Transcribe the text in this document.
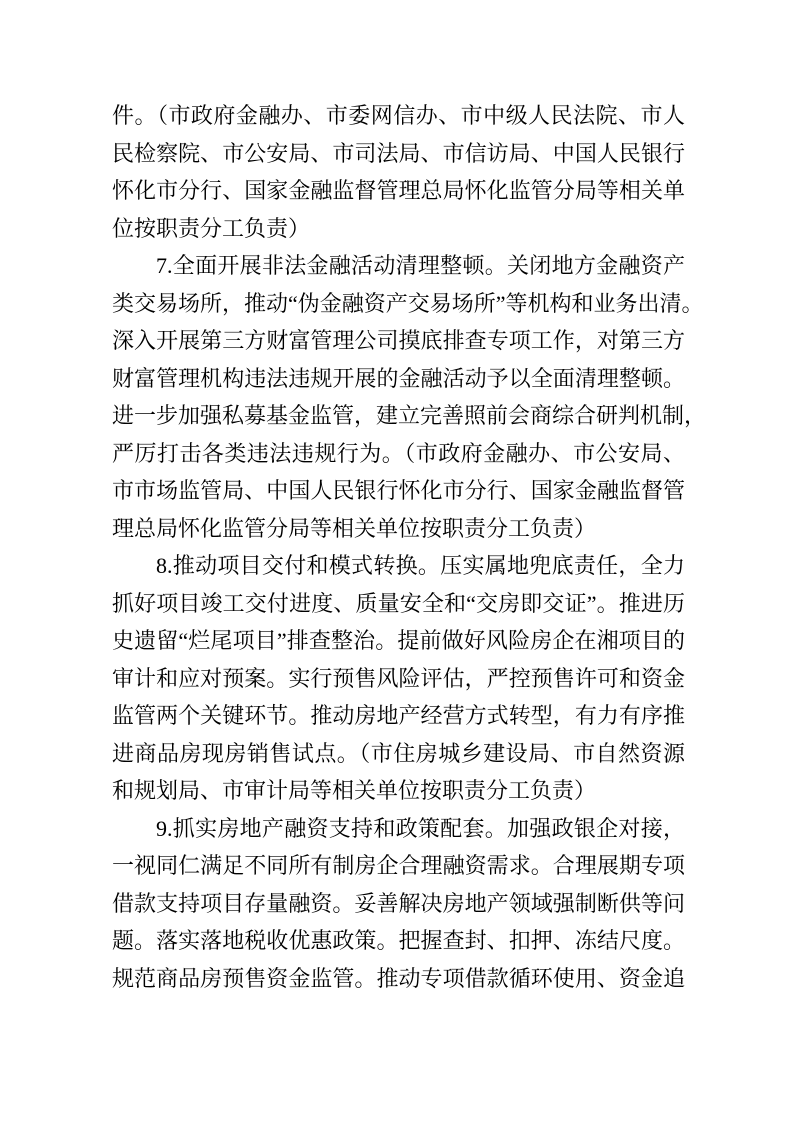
件。（市政府金融办、市委网信办、市中级人民法院、市人

民检察院、市公安局、市司法局、市信访局、中国人民银行

怀化市分行、国家金融监督管理总局怀化监管分局等相关单

位按职责分工负责）

7.全面开展非法金融活动清理整顿。关闭地方金融资产

类交易场所，推动“伪金融资产交易场所”等机构和业务出清。

深入开展第三方财富管理公司摸底排查专项工作，对第三方

财富管理机构违法违规开展的金融活动予以全面清理整顿。

进一步加强私募基金监管，建立完善照前会商综合研判机制，

严厉打击各类违法违规行为。（市政府金融办、市公安局、

市市场监管局、中国人民银行怀化市分行、国家金融监督管

理总局怀化监管分局等相关单位按职责分工负责）

8.推动项目交付和模式转换。压实属地兜底责任，全力

抓好项目竣工交付进度、质量安全和“交房即交证”。推进历

史遗留“烂尾项目”排查整治。提前做好风险房企在湘项目的

审计和应对预案。实行预售风险评估，严控预售许可和资金

监管两个关键环节。推动房地产经营方式转型，有力有序推

进商品房现房销售试点。（市住房城乡建设局、市自然资源

和规划局、市审计局等相关单位按职责分工负责）

9.抓实房地产融资支持和政策配套。加强政银企对接，

一视同仁满足不同所有制房企合理融资需求。合理展期专项

借款支持项目存量融资。妥善解决房地产领域强制断供等问

题。落实落地税收优惠政策。把握查封、扣押、冻结尺度。

规范商品房预售资金监管。推动专项借款循环使用、资金追
